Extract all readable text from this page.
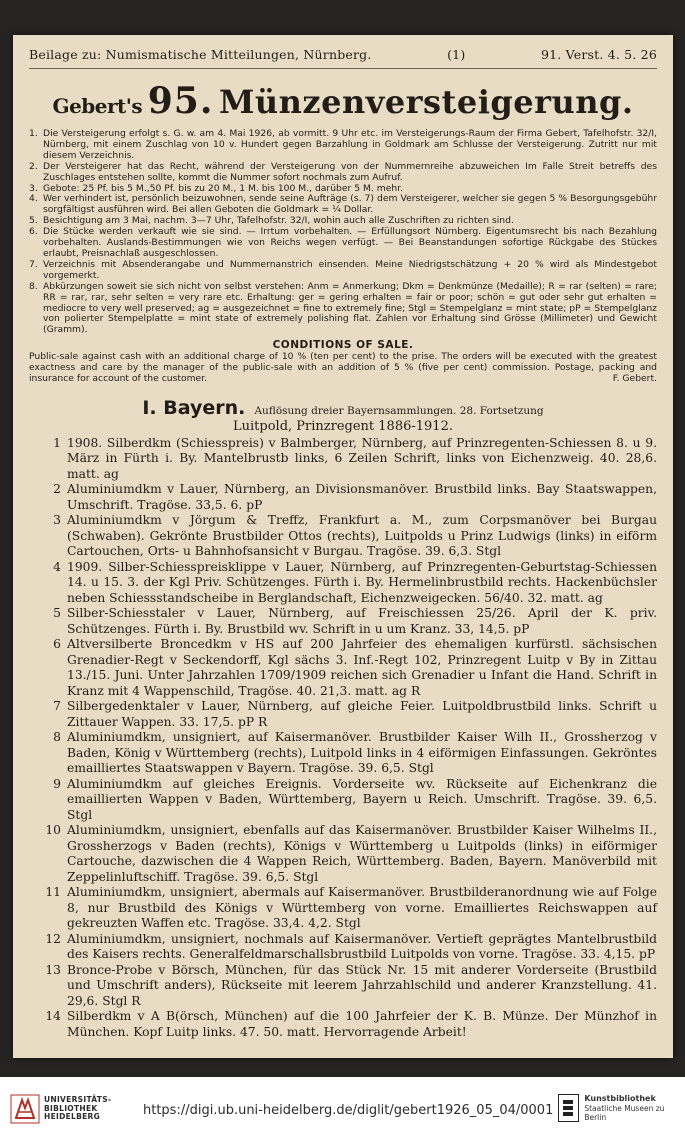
Beilage zu: Numismatische Mitteilungen, Nürnberg.	(1)	91. Verst. 4. 5. 26
Gebert's 95. Münzenversteigerung.
1. Die Versteigerung erfolgt s. G. w. am 4. Mai 1926, ab vormitt. 9 Uhr etc. im Versteigerungs-Raum der Firma Gebert, Tafelhofstr. 32/I, Nürnberg, mit einem Zuschlag von 10 v. Hundert gegen Barzahlung in Goldmark am Schlusse der Versteigerung. Zutritt nur mit diesem Verzeichnis.
2. Der Versteigerer hat das Recht, während der Versteigerung von der Nummernreihe abzuweichen Im Falle Streit betreffs des Zuschlages entstehen sollte, kommt die Nummer sofort nochmals zum Aufruf.
3. Gebote: 25 Pf. bis 5 M.,50 Pf. bis zu 20 M., 1 M. bis 100 M., darüber 5 M. mehr.
4. Wer verhindert ist, persönlich beizuwohnen, sende seine Aufträge (s. 7) dem Versteigerer, welcher sie gegen 5 % Besorgungsgebühr sorgfältigst ausführen wird. Bei allen Geboten die Goldmark = ¼ Dollar.
5. Besichtigung am 3 Mai, nachm. 3—7 Uhr, Tafelhofstr. 32/I, wohin auch alle Zuschriften zu richten sind.
6. Die Stücke werden verkauft wie sie sind. — Irrtum vorbehalten. — Erfüllungsort Nürnberg. Eigentumsrecht bis nach Bezahlung vorbehalten. Auslands-Bestimmungen wie von Reichs wegen verfügt. — Bei Beanstandungen sofortige Rückgabe des Stückes erlaubt, Preisnachlaß ausgeschlossen.
7. Verzeichnis mit Absenderangabe und Nummernanstrich einsenden. Meine Niedrigstschätzung + 20 % wird als Mindestgebot vorgemerkt.
8. Abkürzungen soweit sie sich nicht von selbst verstehen: Anm = Anmerkung; Dkm = Denkmünze (Medaille); R = rar (selten) = rare; RR = rar, rar, sehr selten = very rare etc. Erhaltung: ger = gering erhalten = fair or poor; schön = gut oder sehr gut erhalten = mediocre to very well preserved; ag = ausgezeichnet = fine to extremely fine; Stgl = Stempelglanz = mint state; pP = Stempelglanz von polierter Stempelplatte = mint state of extremely polishing flat. Zahlen vor Erhaltung sind Grösse (Millimeter) und Gewicht (Gramm).
CONDITIONS OF SALE.
Public-sale against cash with an additional charge of 10 % (ten per cent) to the prise. The orders will be executed with the greatest exactness and care by the manager of the public-sale with an addition of 5 % (five per cent) commission. Postage, packing and insurance for account of the customer.	F. Gebert.
I. Bayern. Auflösung dreier Bayernsammlungen. 28. Fortsetzung
Luitpold, Prinzregent 1886-1912.
1 1908. Silberdkm (Schiesspreis) v Balmberger, Nürnberg, auf Prinzregenten-Schiessen 8. u 9. März in Fürth i. By. Mantelbrustb links, 6 Zeilen Schrift, links von Eichenzweig. 40. 28,6. matt. ag
2 Aluminiumdkm v Lauer, Nürnberg, an Divisionsmanöver. Brustbild links. Bay Staatswappen, Umschrift. Tragöse. 33,5. 6. pP
3 Aluminiumdkm v Jörgum & Treffz, Frankfurt a. M., zum Corpsmanöver bei Burgau (Schwaben). Gekrönte Brustbilder Ottos (rechts), Luitpolds u Prinz Ludwigs (links) in eiförm Cartouchen, Orts- u Bahnhofsansicht v Burgau. Tragöse. 39. 6,3. Stgl
4 1909. Silber-Schiesspreisklippe v Lauer, Nürnberg, auf Prinzregenten-Geburtstag-Schiessen 14. u 15. 3. der Kgl Priv. Schützenges. Fürth i. By. Hermelinbrustbild rechts. Hackenbüchsler neben Schiessstandscheibe in Berglandschaft, Eichenzweigecken. 56/40. 32. matt. ag
5 Silber-Schiesstaler v Lauer, Nürnberg, auf Freischiessen 25/26. April der K. priv. Schützenges. Fürth i. By. Brustbild wv. Schrift in u um Kranz. 33, 14,5. pP
6 Altversilberte Broncedkm v HS auf 200 Jahrfeier des ehemaligen kurfürstl. sächsischen Grenadier-Regt v Seckendorff, Kgl sächs 3. Inf.-Regt 102, Prinzregent Luitp v By in Zittau 13./15. Juni. Unter Jahrzahlen 1709/1909 reichen sich Grenadier u Infant die Hand. Schrift in Kranz mit 4 Wappenschild, Tragöse. 40. 21,3. matt. ag R
7 Silbergedenktaler v Lauer, Nürnberg, auf gleiche Feier. Luitpoldbrustbild links. Schrift u Zittauer Wappen. 33. 17,5. pP R
8 Aluminiumdkm, unsigniert, auf Kaisermanöver. Brustbilder Kaiser Wilh II., Grossherzog v Baden, König v Württemberg (rechts), Luitpold links in 4 eiförmigen Einfassungen. Gekröntes emailliertes Staatswappen v Bayern. Tragöse. 39. 6,5. Stgl
9 Aluminiumdkm auf gleiches Ereignis. Vorderseite wv. Rückseite auf Eichenkranz die emaillierten Wappen v Baden, Württemberg, Bayern u Reich. Umschrift. Tragöse. 39. 6,5. Stgl
10 Aluminiumdkm, unsigniert, ebenfalls auf das Kaisermanöver. Brustbilder Kaiser Wilhelms II., Grossherzogs v Baden (rechts), Königs v Württemberg u Luitpolds (links) in eiförmiger Cartouche, dazwischen die 4 Wappen Reich, Württemberg. Baden, Bayern. Manöverbild mit Zeppelinluftschiff. Tragöse. 39. 6,5. Stgl
11 Aluminiumdkm, unsigniert, abermals auf Kaisermanöver. Brustbilderanordnung wie auf Folge 8, nur Brustbild des Königs v Württemberg von vorne. Emailliertes Reichswappen auf gekreuzten Waffen etc. Tragöse. 33,4. 4,2. Stgl
12 Aluminiumdkm, unsigniert, nochmals auf Kaisermanöver. Vertieft geprägtes Mantelbrustbild des Kaisers rechts. Generalfeldmarschallsbrustbild Luitpolds von vorne. Tragöse. 33. 4,15. pP
13 Bronce-Probe v Börsch, München, für das Stück Nr. 15 mit anderer Vorderseite (Brustbild und Umschrift anders), Rückseite mit leerem Jahrzahlschild und anderer Kranzstellung. 41. 29,6. Stgl R
14 Silberdkm v A B(örsch, München) auf die 100 Jahrfeier der K. B. Münze. Der Münzhof in München. Kopf Luitp links. 47. 50. matt. Hervorragende Arbeit!
UNIVERSITÄTS-
BIBLIOTHEK
HEIDELBERG	https://digi.ub.uni-heidelberg.de/diglit/gebert1926_05_04/0001
Kunstbibliothek
Staatliche Museen zu Berlin
